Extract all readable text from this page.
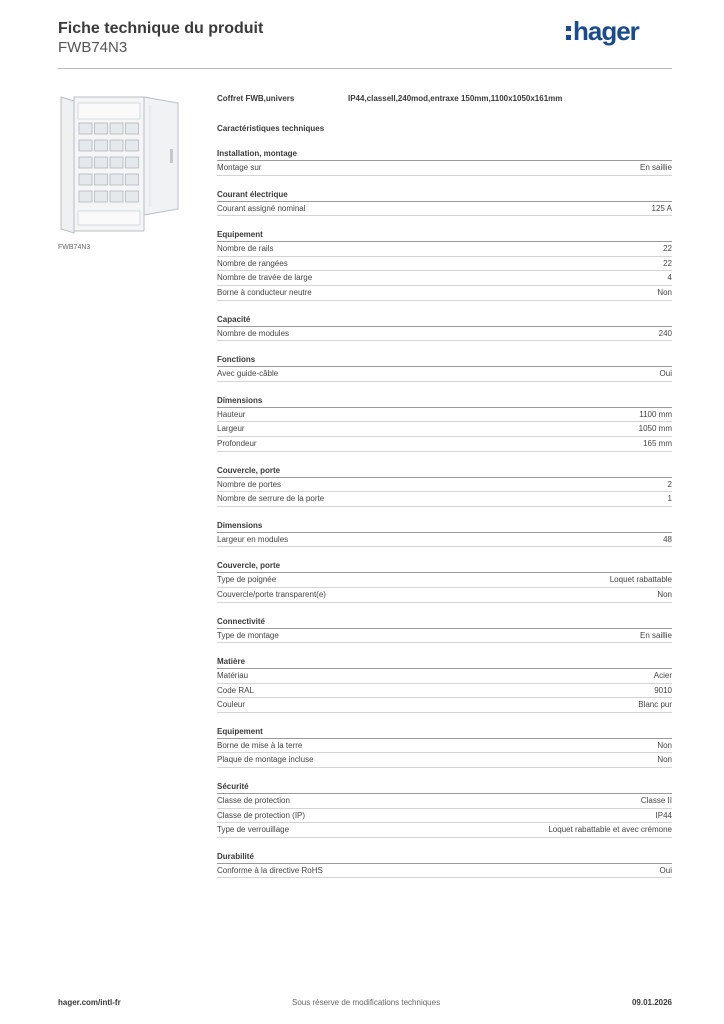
Fiche technique du produit
FWB74N3
hager
FWB74N3
Coffret FWB,univers	IP44,classeII,240mod,entraxe 150mm,1100x1050x161mm
Caractéristiques techniques
Installation, montage
Montage sur	En saillie
Courant électrique
Courant assigné nominal	125 A
Equipement
Nombre de rails	22
Nombre de rangées	22
Nombre de travée de large	4
Borne à conducteur neutre	Non
Capacité
Nombre de modules	240
Fonctions
Avec guide-câble	Oui
Dimensions
Hauteur	1100 mm
Largeur	1050 mm
Profondeur	165 mm
Couvercle, porte
Nombre de portes	2
Nombre de serrure de la porte	1
Dimensions
Largeur en modules	48
Couvercle, porte
Type de poignée	Loquet rabattable
Couvercle/porte transparent(e)	Non
Connectivité
Type de montage	En saillie
Matière
Matériau	Acier
Code RAL	9010
Couleur	Blanc pur
Equipement
Borne de mise à la terre	Non
Plaque de montage incluse	Non
Sécurité
Classe de protection	Classe II
Classe de protection (IP)	IP44
Type de verrouillage	Loquet rabattable et avec crémone
Durabilité
Conforme à la directive RoHS	Oui
hager.com/intl-fr	Sous réserve de modifications techniques	09.01.2026
